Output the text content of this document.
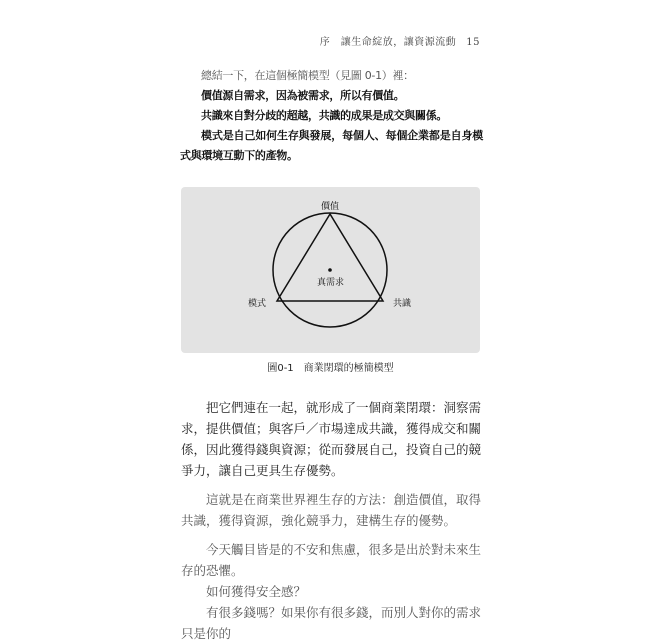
序　讓生命綻放，讓資源流動 15

總結一下，在這個極簡模型（見圖 0-1）裡：

價值源自需求，因為被需求，所以有價值。

共識來自對分歧的超越，共識的成果是成交與關係。

模式是自己如何生存與發展，每個人、每個企業都是自身模式與環境互動下的產物。

價值
真需求
模式	共識
圖0-1　商業閉環的極簡模型

把它們連在一起，就形成了一個商業閉環：洞察需求，提供價值；與客戶／市場達成共識，獲得成交和關係，因此獲得錢與資源；從而發展自己，投資自己的競爭力，讓自己更具生存優勢。

這就是在商業世界裡生存的方法：創造價值，取得共識，獲得資源，強化競爭力，建構生存的優勢。

今天觸目皆是的不安和焦慮，很多是出於對未來生存的恐懼。

如何獲得安全感？

有很多錢嗎？如果你有很多錢，而別人對你的需求只是你的
